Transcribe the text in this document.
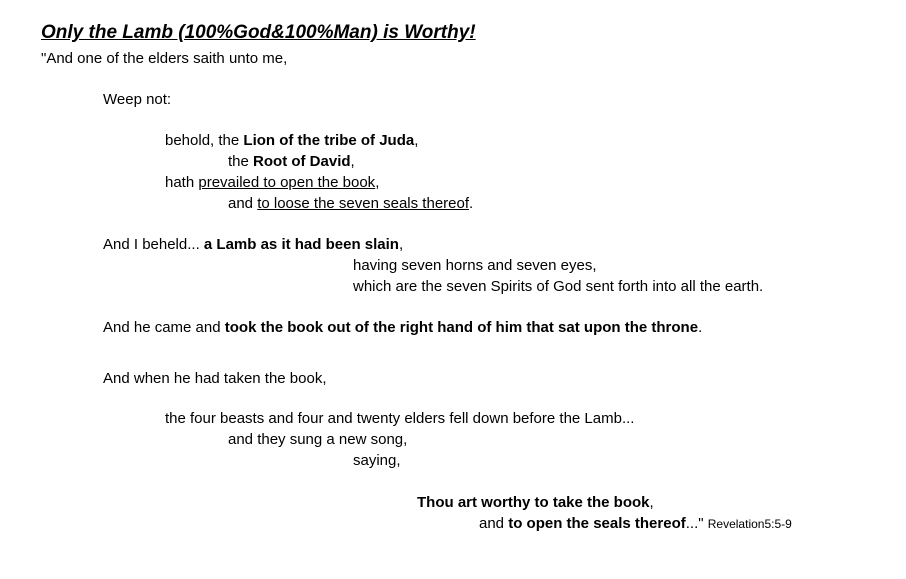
Only the Lamb (100%God&100%Man) is Worthy!
"And one of the elders saith unto me,
Weep not:
behold, the Lion of the tribe of Juda,
the Root of David,
hath prevailed to open the book,
and to loose the seven seals thereof.
And I beheld... a Lamb as it had been slain,
having seven horns and seven eyes,
which are the seven Spirits of God sent forth into all the earth.
And he came and took the book out of the right hand of him that sat upon the throne.
And when he had taken the book,
the four beasts and four and twenty elders fell down before the Lamb...
and they sung a new song,
saying,
Thou art worthy to take the book,
and to open the seals thereof..." Revelation5:5-9
